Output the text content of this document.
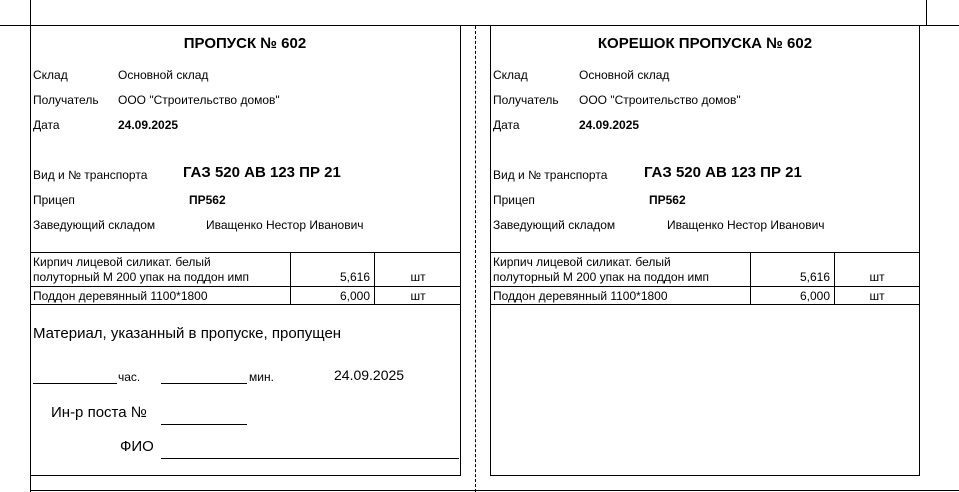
ПРОПУСК № 602
Склад	Основной склад
Получатель ООО "Строительство домов"
Дата	24.09.2025
Вид и № транспорта ГАЗ 520 АВ 123 ПР 21
Прицеп	ПР562
Заведующий складом	Иващенко Нестор Иванович
Кирпич лицевой силикат. белый
полуторный М 200 упак на поддон имп	5,616	шт
Поддон деревянный 1100*1800	6,000	шт
Материал, указанный в пропуске, пропущен
час.	мин.	24.09.2025
Ин-р поста №
ФИО
КОРЕШОК ПРОПУСКА № 602
Склад	Основной склад
Получатель ООО "Строительство домов"
Дата	24.09.2025
Вид и № транспорта ГАЗ 520 АВ 123 ПР 21
Прицеп	ПР562
Заведующий складом	Иващенко Нестор Иванович
Кирпич лицевой силикат. белый
полуторный М 200 упак на поддон имп	5,616	шт
Поддон деревянный 1100*1800	6,000	шт
